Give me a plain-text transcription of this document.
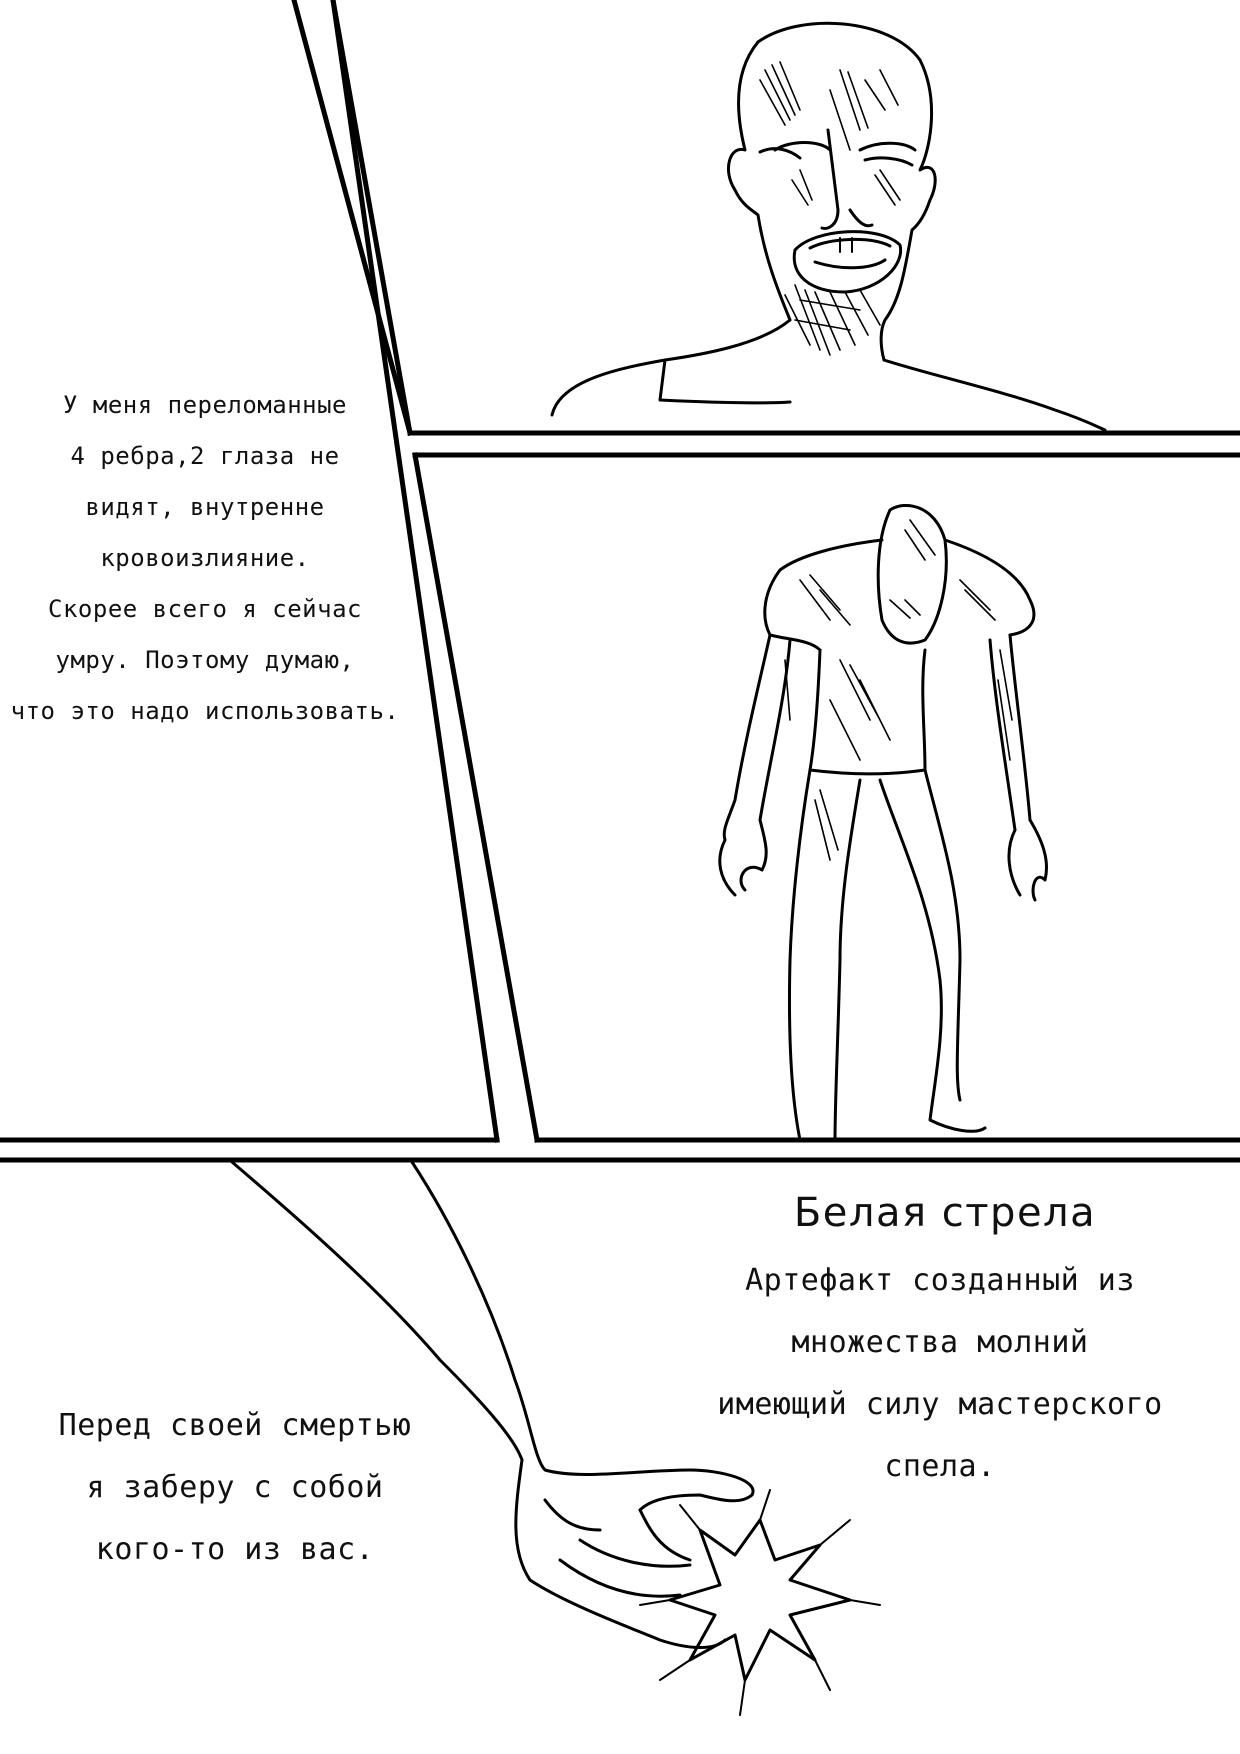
У меня переломанные
4 ребра,2 глаза не
видят, внутренне
кровоизлияние.
Скорее всего я сейчас
умру. Поэтому думаю,
что это надо использовать.
Белая стрела
Артефакт созданный из
множества молний
имеющий силу мастерского
спела.
Перед своей смертью
я заберу с собой
кого-то из вас.
